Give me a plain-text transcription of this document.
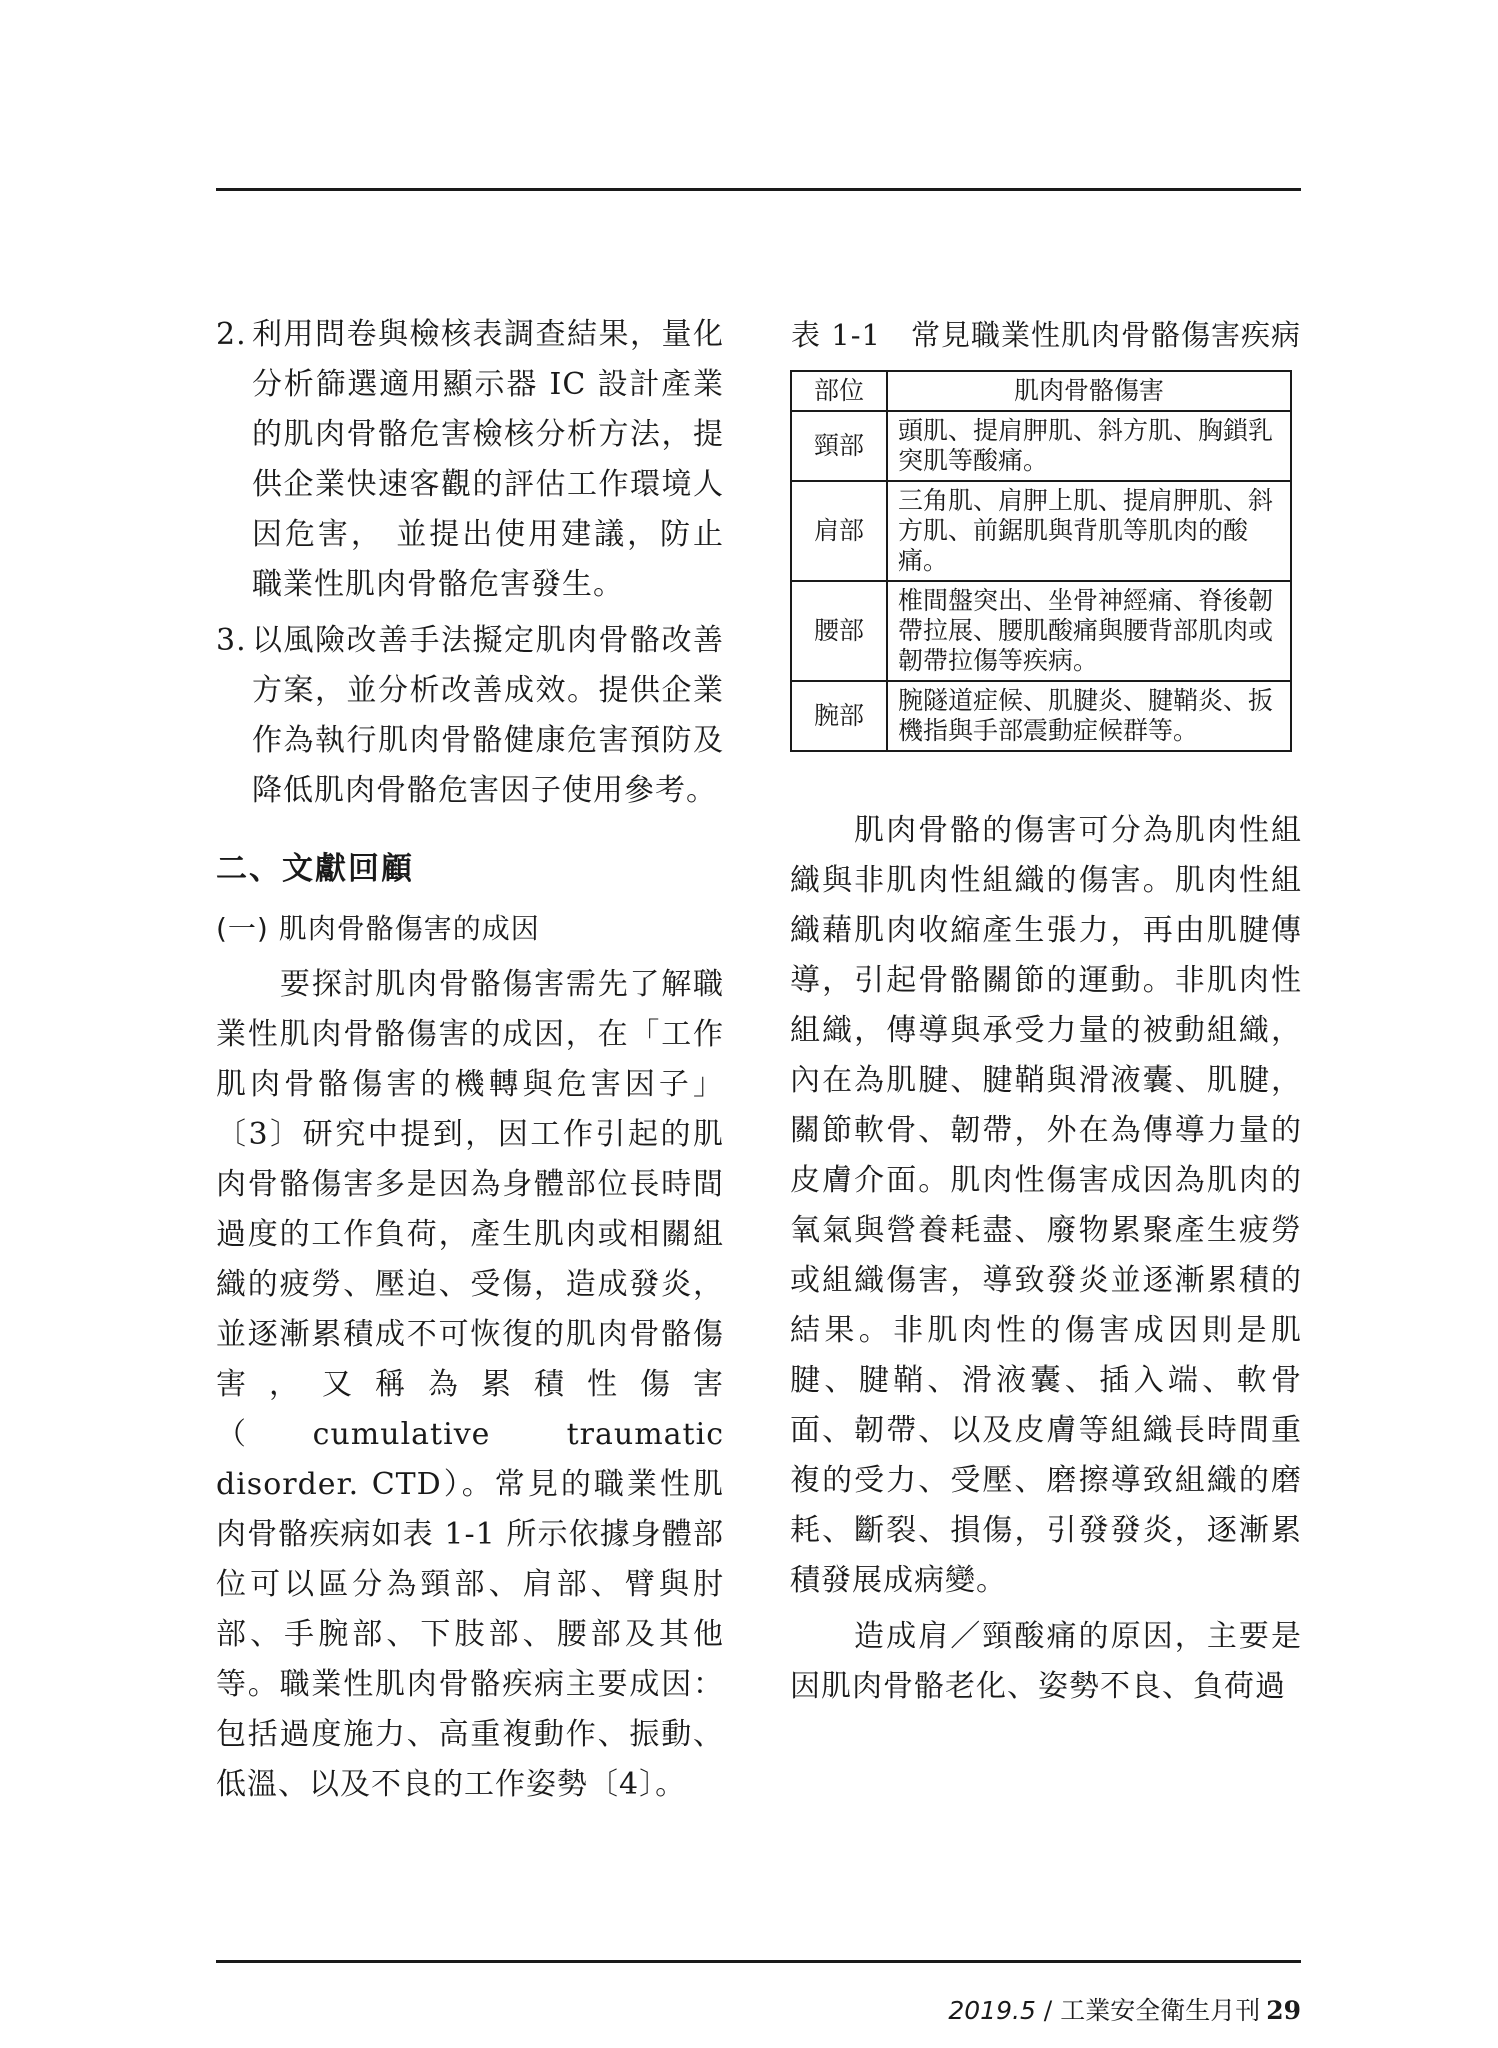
2. 利用問卷與檢核表調查結果，量化分析篩選適用顯示器 IC 設計產業的肌肉骨骼危害檢核分析方法，提供企業快速客觀的評估工作環境人因危害， 並提出使用建議，防止職業性肌肉骨骼危害發生。

3. 以風險改善手法擬定肌肉骨骼改善方案，並分析改善成效。提供企業作為執行肌肉骨骼健康危害預防及降低肌肉骨骼危害因子使用參考。

二、文獻回顧
(一) 肌肉骨骼傷害的成因

要探討肌肉骨骼傷害需先了解職業性肌肉骨骼傷害的成因，在「工作肌肉骨骼傷害的機轉與危害因子」〔3〕研究中提到，因工作引起的肌肉骨骼傷害多是因為身體部位長時間過度的工作負荷，產生肌肉或相關組織的疲勞、壓迫、受傷，造成發炎，並逐漸累積成不可恢復的肌肉骨骼傷害，又稱為累積性傷害（cumulative traumatic disorder. CTD）。常見的職業性肌肉骨骼疾病如表 1-1 所示依據身體部位可以區分為頸部、肩部、臂與肘部、手腕部、下肢部、腰部及其他等。職業性肌肉骨骼疾病主要成因：包括過度施力、高重複動作、振動、低溫、以及不良的工作姿勢〔4〕。

表 1-1　常見職業性肌肉骨骼傷害疾病
部位	肌肉骨骼傷害
頸部	頭肌、提肩胛肌、斜方肌、胸鎖乳突肌等酸痛。
肩部	三角肌、肩胛上肌、提肩胛肌、斜方肌、前鋸肌與背肌等肌肉的酸痛。
腰部	椎間盤突出、坐骨神經痛、脊後韌帶拉展、腰肌酸痛與腰背部肌肉或韌帶拉傷等疾病。
腕部	腕隧道症候、肌腱炎、腱鞘炎、扳機指與手部震動症候群等。

肌肉骨骼的傷害可分為肌肉性組織與非肌肉性組織的傷害。肌肉性組織藉肌肉收縮產生張力，再由肌腱傳導，引起骨骼關節的運動。非肌肉性組織，傳導與承受力量的被動組織，內在為肌腱、腱鞘與滑液囊、肌腱，關節軟骨、韌帶，外在為傳導力量的皮膚介面。肌肉性傷害成因為肌肉的氧氣與營養耗盡、廢物累聚產生疲勞或組織傷害，導致發炎並逐漸累積的結果。非肌肉性的傷害成因則是肌腱、腱鞘、滑液囊、插入端、軟骨面、韌帶、以及皮膚等組織長時間重複的受力、受壓、磨擦導致組織的磨耗、斷裂、損傷，引發發炎，逐漸累積發展成病變。

造成肩／頸酸痛的原因，主要是因肌肉骨骼老化、姿勢不良、負荷過

2019.5 / 工業安全衛生月刊 29
